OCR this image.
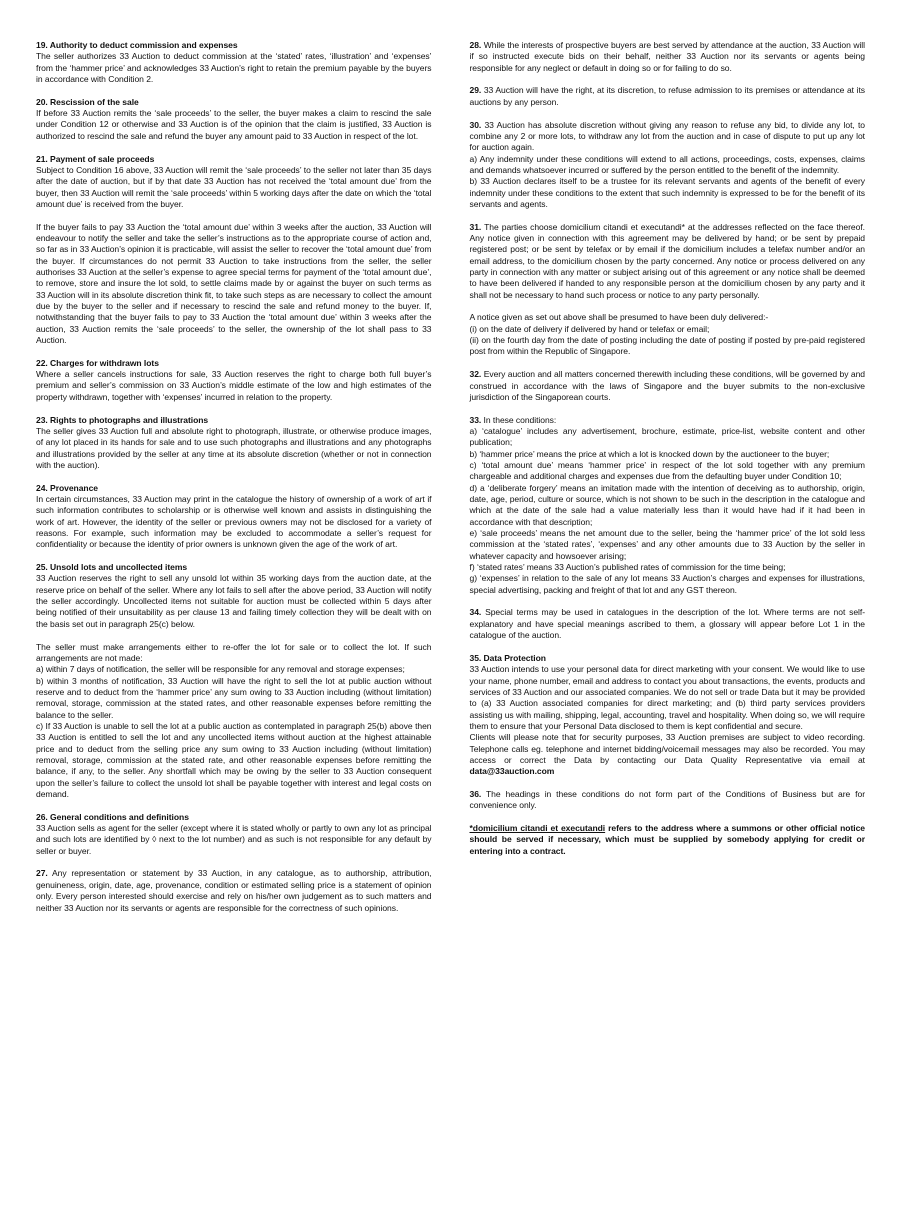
19. Authority to deduct commission and expenses

The seller authorizes 33 Auction to deduct commission at the ‘stated’ rates, ‘illustration’ and ‘expenses’ from the ‘hammer price’ and acknowledges 33 Auction’s right to retain the premium payable by the buyers in accordance with Condition 2.

20. Rescission of the sale

If before 33 Auction remits the ‘sale proceeds’ to the seller, the buyer makes a claim to rescind the sale under Condition 12 or otherwise and 33 Auction is of the opinion that the claim is justified, 33 Auction is authorized to rescind the sale and refund the buyer any amount paid to 33 Auction in respect of the lot.

21. Payment of sale proceeds

Subject to Condition 16 above, 33 Auction will remit the ‘sale proceeds’ to the seller not later than 35 days after the date of auction, but if by that date 33 Auction has not received the ‘total amount due’ from the buyer, then 33 Auction will remit the ‘sale proceeds’ within 5 working days after the date on which the ‘total amount due’ is received from the buyer.

If the buyer fails to pay 33 Auction the ‘total amount due’ within 3 weeks after the auction, 33 Auction will endeavour to notify the seller and take the seller’s instructions as to the appropriate course of action and, so far as in 33 Auction’s opinion it is practicable, will assist the seller to recover the ‘total amount due’ from the buyer. If circumstances do not permit 33 Auction to take instructions from the seller, the seller authorises 33 Auction at the seller’s expense to agree special terms for payment of the ‘total amount due’, to remove, store and insure the lot sold, to settle claims made by or against the buyer on such terms as 33 Auction will in its absolute discretion think fit, to take such steps as are necessary to collect the amount due by the buyer to the seller and if necessary to rescind the sale and refund money to the buyer. If, notwithstanding that the buyer fails to pay to 33 Auction the ‘total amount due’ within 3 weeks after the auction, 33 Auction remits the ‘sale proceeds’ to the seller, the ownership of the lot shall pass to 33 Auction.

22. Charges for withdrawn lots

Where a seller cancels instructions for sale, 33 Auction reserves the right to charge both full buyer’s premium and seller’s commission on 33 Auction’s middle estimate of the low and high estimates of the property withdrawn, together with ‘expenses’ incurred in relation to the property.

23. Rights to photographs and illustrations

The seller gives 33 Auction full and absolute right to photograph, illustrate, or otherwise produce images, of any lot placed in its hands for sale and to use such photographs and illustrations and any photographs and illustrations provided by the seller at any time at its absolute discretion (whether or not in connection with the auction).

24. Provenance

In certain circumstances, 33 Auction may print in the catalogue the history of ownership of a work of art if such information contributes to scholarship or is otherwise well known and assists in distinguishing the work of art. However, the identity of the seller or previous owners may not be disclosed for a variety of reasons. For example, such information may be excluded to accommodate a seller’s request for confidentiality or because the identity of prior owners is unknown given the age of the work of art.

25. Unsold lots and uncollected items

33 Auction reserves the right to sell any unsold lot within 35 working days from the auction date, at the reserve price on behalf of the seller. Where any lot fails to sell after the above period, 33 Auction will notify the seller accordingly. Uncollected items not suitable for auction must be collected within 5 days after being notified of their unsuitability as per clause 13 and failing timely collection they will be dealt with on the basis set out in paragraph 25(c) below.

The seller must make arrangements either to re-offer the lot for sale or to collect the lot. If such arrangements are not made:

a) within 7 days of notification, the seller will be responsible for any removal and storage expenses;

b) within 3 months of notification, 33 Auction will have the right to sell the lot at public auction without reserve and to deduct from the ‘hammer price’ any sum owing to 33 Auction including (without limitation) removal, storage, commission at the stated rates, and other reasonable expenses before remitting the balance to the seller.

c) If 33 Auction is unable to sell the lot at a public auction as contemplated in paragraph 25(b) above then 33 Auction is entitled to sell the lot and any uncollected items without auction at the highest attainable price and to deduct from the selling price any sum owing to 33 Auction including (without limitation) removal, storage, commission at the stated rate, and other reasonable expenses before remitting the balance, if any, to the seller. Any shortfall which may be owing by the seller to 33 Auction consequent upon the seller’s failure to collect the unsold lot shall be payable together with interest and legal costs on demand.

26. General conditions and definitions

33 Auction sells as agent for the seller (except where it is stated wholly or partly to own any lot as principal and such lots are identified by ◊ next to the lot number) and as such is not responsible for any default by seller or buyer.

27. Any representation or statement by 33 Auction, in any catalogue, as to authorship, attribution, genuineness, origin, date, age, provenance, condition or estimated selling price is a statement of opinion only. Every person interested should exercise and rely on his/her own judgement as to such matters and neither 33 Auction nor its servants or agents are responsible for the correctness of such opinions.

28. While the interests of prospective buyers are best served by attendance at the auction, 33 Auction will if so instructed execute bids on their behalf, neither 33 Auction nor its servants or agents being responsible for any neglect or default in doing so or for failing to do so.

29. 33 Auction will have the right, at its discretion, to refuse admission to its premises or attendance at its auctions by any person.

30. 33 Auction has absolute discretion without giving any reason to refuse any bid, to divide any lot, to combine any 2 or more lots, to withdraw any lot from the auction and in case of dispute to put up any lot for auction again.

a) Any indemnity under these conditions will extend to all actions, proceedings, costs, expenses, claims and demands whatsoever incurred or suffered by the person entitled to the benefit of the indemnity.

b) 33 Auction declares itself to be a trustee for its relevant servants and agents of the benefit of every indemnity under these conditions to the extent that such indemnity is expressed to be for the benefit of its servants and agents.

31. The parties choose domicilium citandi et executandi* at the addresses reflected on the face thereof. Any notice given in connection with this agreement may be delivered by hand; or be sent by prepaid registered post; or be sent by telefax or by email if the domicilium includes a telefax number and/or an email address, to the domicilium chosen by the party concerned. Any notice or process delivered on any party in connection with any matter or subject arising out of this agreement or any notice shall be deemed to have been delivered if handed to any responsible person at the domicilium chosen by any party and it shall not be necessary to hand such process or notice to any party personally.

A notice given as set out above shall be presumed to have been duly delivered:-

(i) on the date of delivery if delivered by hand or telefax or email;

(ii) on the fourth day from the date of posting including the date of posting if posted by pre-paid registered post from within the Republic of Singapore.

32. Every auction and all matters concerned therewith including these conditions, will be governed by and construed in accordance with the laws of Singapore and the buyer submits to the non-exclusive jurisdiction of the Singaporean courts.

33. In these conditions:

a) ‘catalogue’ includes any advertisement, brochure, estimate, price-list, website content and other publication;

b) ‘hammer price’ means the price at which a lot is knocked down by the auctioneer to the buyer;

c) ‘total amount due’ means ‘hammer price’ in respect of the lot sold together with any premium chargeable and additional charges and expenses due from the defaulting buyer under Condition 10;

d) a ‘deliberate forgery’ means an imitation made with the intention of deceiving as to authorship, origin, date, age, period, culture or source, which is not shown to be such in the description in the catalogue and which at the date of the sale had a value materially less than it would have had if it had been in accordance with that description;

e) ‘sale proceeds’ means the net amount due to the seller, being the ‘hammer price’ of the lot sold less commission at the ‘stated rates’, ‘expenses’ and any other amounts due to 33 Auction by the seller in whatever capacity and howsoever arising;

f) ‘stated rates’ means 33 Auction’s published rates of commission for the time being;

g) ‘expenses’ in relation to the sale of any lot means 33 Auction’s charges and expenses for illustrations, special advertising, packing and freight of that lot and any GST thereon.

34. Special terms may be used in catalogues in the description of the lot. Where terms are not self-explanatory and have special meanings ascribed to them, a glossary will appear before Lot 1 in the catalogue of the auction.

35. Data Protection

33 Auction intends to use your personal data for direct marketing with your consent. We would like to use your name, phone number, email and address to contact you about transactions, the events, products and services of 33 Auction and our associated companies. We do not sell or trade Data but it may be provided to (a) 33 Auction associated companies for direct marketing; and (b) third party services providers assisting us with mailing, shipping, legal, accounting, travel and hospitality. When doing so, we will require them to ensure that your Personal Data disclosed to them is kept confidential and secure.

Clients will please note that for security purposes, 33 Auction premises are subject to video recording. Telephone calls eg. telephone and internet bidding/voicemail messages may also be recorded. You may access or correct the Data by contacting our Data Quality Representative via email at data@33auction.com

36. The headings in these conditions do not form part of the Conditions of Business but are for convenience only.

*domicilium citandi et executandi refers to the address where a summons or other official notice should be served if necessary, which must be supplied by somebody applying for credit or entering into a contract.
